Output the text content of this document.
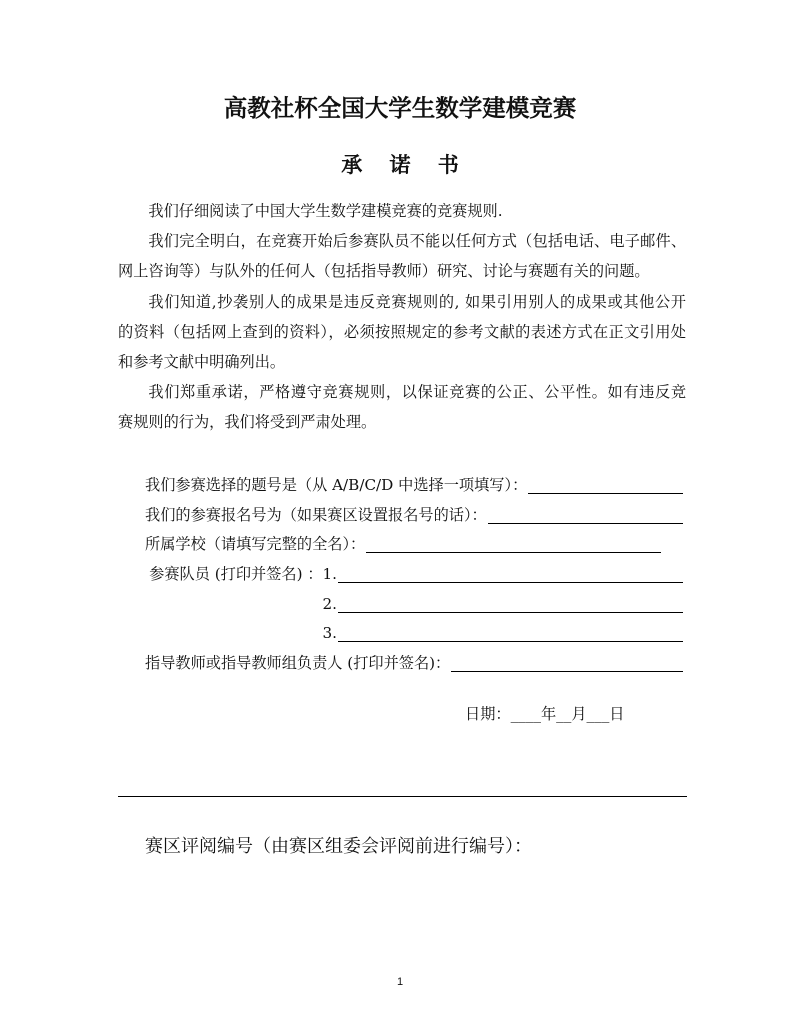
高教社杯全国大学生数学建模竞赛
承 诺 书
我们仔细阅读了中国大学生数学建模竞赛的竞赛规则.
我们完全明白，在竞赛开始后参赛队员不能以任何方式（包括电话、电子邮件、
网上咨询等）与队外的任何人（包括指导教师）研究、讨论与赛题有关的问题。
我们知道,抄袭别人的成果是违反竞赛规则的, 如果引用别人的成果或其他公开
的资料（包括网上查到的资料），必须按照规定的参考文献的表述方式在正文引用处
和参考文献中明确列出。
我们郑重承诺，严格遵守竞赛规则，以保证竞赛的公正、公平性。如有违反竞
赛规则的行为，我们将受到严肃处理。
我们参赛选择的题号是（从 A/B/C/D 中选择一项填写）：
我们的参赛报名号为（如果赛区设置报名号的话）：
所属学校（请填写完整的全名）：
参赛队员 (打印并签名) ：1.
2.
3.
指导教师或指导教师组负责人 (打印并签名)：
日期：____年__月___日
赛区评阅编号（由赛区组委会评阅前进行编号）：
1
